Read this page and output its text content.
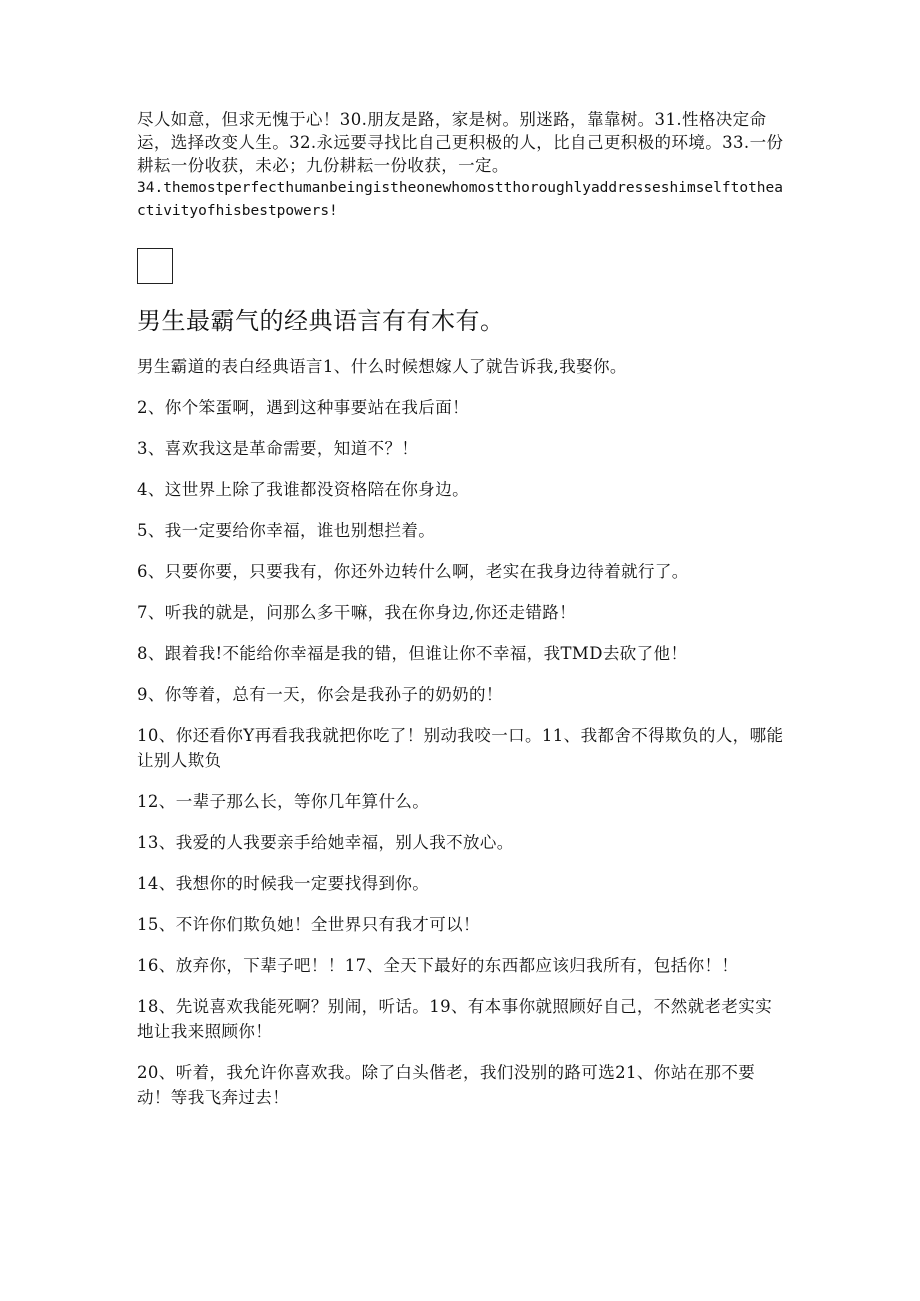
尽人如意，但求无愧于心！30.朋友是路，家是树。别迷路，靠靠树。31.性格决定命运，选择改变人生。32.永远要寻找比自己更积极的人，比自己更积极的环境。33.一份耕耘一份收获，未必；九份耕耘一份收获，一定。

34.themostperfecthumanbeingistheonewhomostthoroughlyaddresseshimselftotheactivityofhisbestpowers!

男生最霸气的经典语言有有木有。

男生霸道的表白经典语言1、什么时候想嫁人了就告诉我,我娶你。

2、你个笨蛋啊，遇到这种事要站在我后面！

3、喜欢我这是革命需要，知道不？！

4、这世界上除了我谁都没资格陪在你身边。

5、我一定要给你幸福，谁也别想拦着。

6、只要你要，只要我有，你还外边转什么啊，老实在我身边待着就行了。

7、听我的就是，问那么多干嘛，我在你身边,你还走错路！

8、跟着我!不能给你幸福是我的错，但谁让你不幸福，我TMD去砍了他！

9、你等着，总有一天，你会是我孙子的奶奶的！

10、你还看你Y再看我我就把你吃了！别动我咬一口。11、我都舍不得欺负的人，哪能让别人欺负

12、一辈子那么长，等你几年算什么。

13、我爱的人我要亲手给她幸福，别人我不放心。

14、我想你的时候我一定要找得到你。

15、不许你们欺负她！全世界只有我才可以！

16、放弃你，下辈子吧！！17、全天下最好的东西都应该归我所有，包括你！！

18、先说喜欢我能死啊？别闹，听话。19、有本事你就照顾好自己，不然就老老实实地让我来照顾你！

20、听着，我允许你喜欢我。除了白头偕老，我们没别的路可选21、你站在那不要动！等我飞奔过去！
